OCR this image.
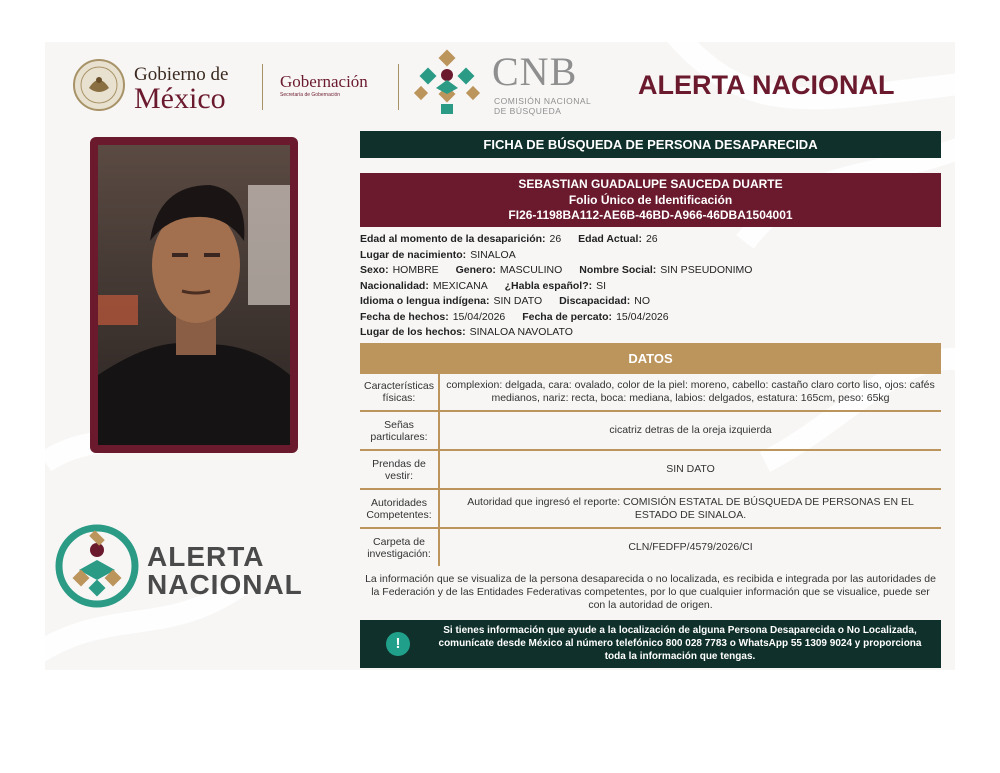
Gobierno de
México
Gobernación
Secretaría de Gobernación
CNB
COMISIÓN NACIONAL
DE BÚSQUEDA
ALERTA NACIONAL
ALERTA
NACIONAL
FICHA DE BÚSQUEDA DE PERSONA DESAPARECIDA
SEBASTIAN GUADALUPE SAUCEDA DUARTE
Folio Único de Identificación
FI26-1198BA112-AE6B-46BD-A966-46DBA1504001
Edad al momento de la desaparición: 26 Edad Actual: 26
Lugar de nacimiento: SINALOA
Sexo: HOMBRE Genero: MASCULINO Nombre Social: SIN PSEUDONIMO
Nacionalidad: MEXICANA ¿Habla español?: SI
Idioma o lengua indígena: SIN DATO Discapacidad: NO
Fecha de hechos: 15/04/2026 Fecha de percato: 15/04/2026
Lugar de los hechos: SINALOA NAVOLATO
DATOS
Características físicas:
complexion: delgada, cara: ovalado, color de la piel: moreno, cabello: castaño claro corto liso, ojos: cafés medianos, nariz: recta, boca: mediana, labios: delgados, estatura: 165cm, peso: 65kg
Señas particulares:
cicatriz detras de la oreja izquierda
Prendas de vestir:
SIN DATO
Autoridades Competentes:
Autoridad que ingresó el reporte: COMISIÓN ESTATAL DE BÚSQUEDA DE PERSONAS EN EL ESTADO DE SINALOA.
Carpeta de investigación:
CLN/FEDFP/4579/2026/CI
La información que se visualiza de la persona desaparecida o no localizada, es recibida e integrada por las autoridades de la Federación y de las Entidades Federativas competentes, por lo que cualquier información que se visualice, puede ser con la autoridad de origen.
!
Si tienes información que ayude a la localización de alguna Persona Desaparecida o No Localizada, comunícate desde México al número telefónico 800 028 7783 o WhatsApp 55 1309 9024 y proporciona toda la información que tengas.
